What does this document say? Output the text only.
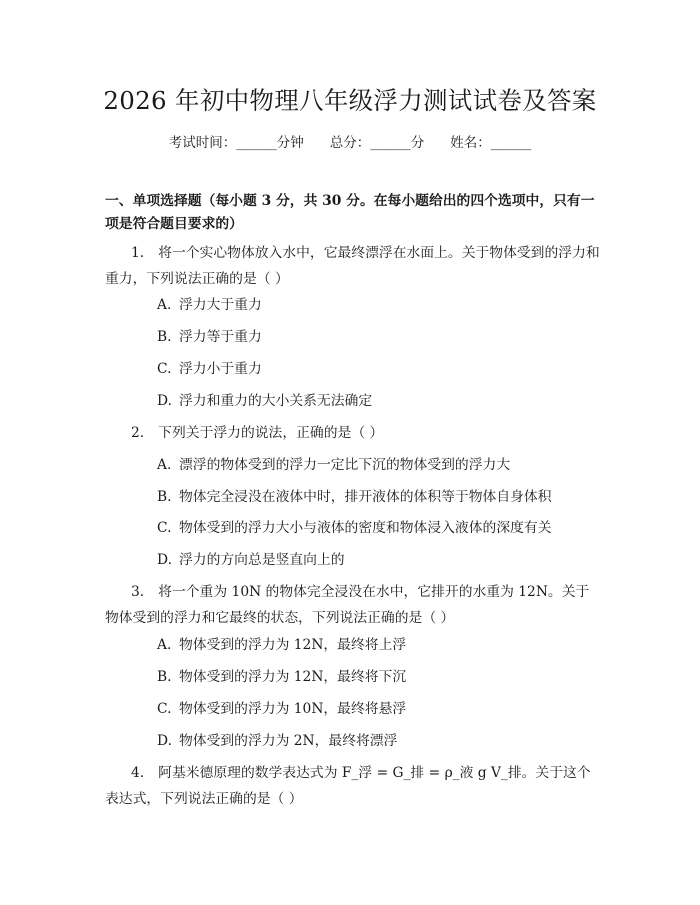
2026 年初中物理八年级浮力测试试卷及答案
考试时间：______分钟 总分：______分 姓名：______
一、单项选择题（每小题 3 分，共 30 分。在每小题给出的四个选项中，只有一项是符合题目要求的）
1. 将一个实心物体放入水中，它最终漂浮在水面上。关于物体受到的浮力和重力，下列说法正确的是（ ）
A. 浮力大于重力
B. 浮力等于重力
C. 浮力小于重力
D. 浮力和重力的大小关系无法确定
2. 下列关于浮力的说法，正确的是（ ）
A. 漂浮的物体受到的浮力一定比下沉的物体受到的浮力大
B. 物体完全浸没在液体中时，排开液体的体积等于物体自身体积
C. 物体受到的浮力大小与液体的密度和物体浸入液体的深度有关
D. 浮力的方向总是竖直向上的
3. 将一个重为 10N 的物体完全浸没在水中，它排开的水重为 12N。关于物体受到的浮力和它最终的状态，下列说法正确的是（ ）
A. 物体受到的浮力为 12N，最终将上浮
B. 物体受到的浮力为 12N，最终将下沉
C. 物体受到的浮力为 10N，最终将悬浮
D. 物体受到的浮力为 2N，最终将漂浮
4. 阿基米德原理的数学表达式为 F_浮 = G_排 = ρ_液 g V_排。关于这个表达式，下列说法正确的是（ ）
